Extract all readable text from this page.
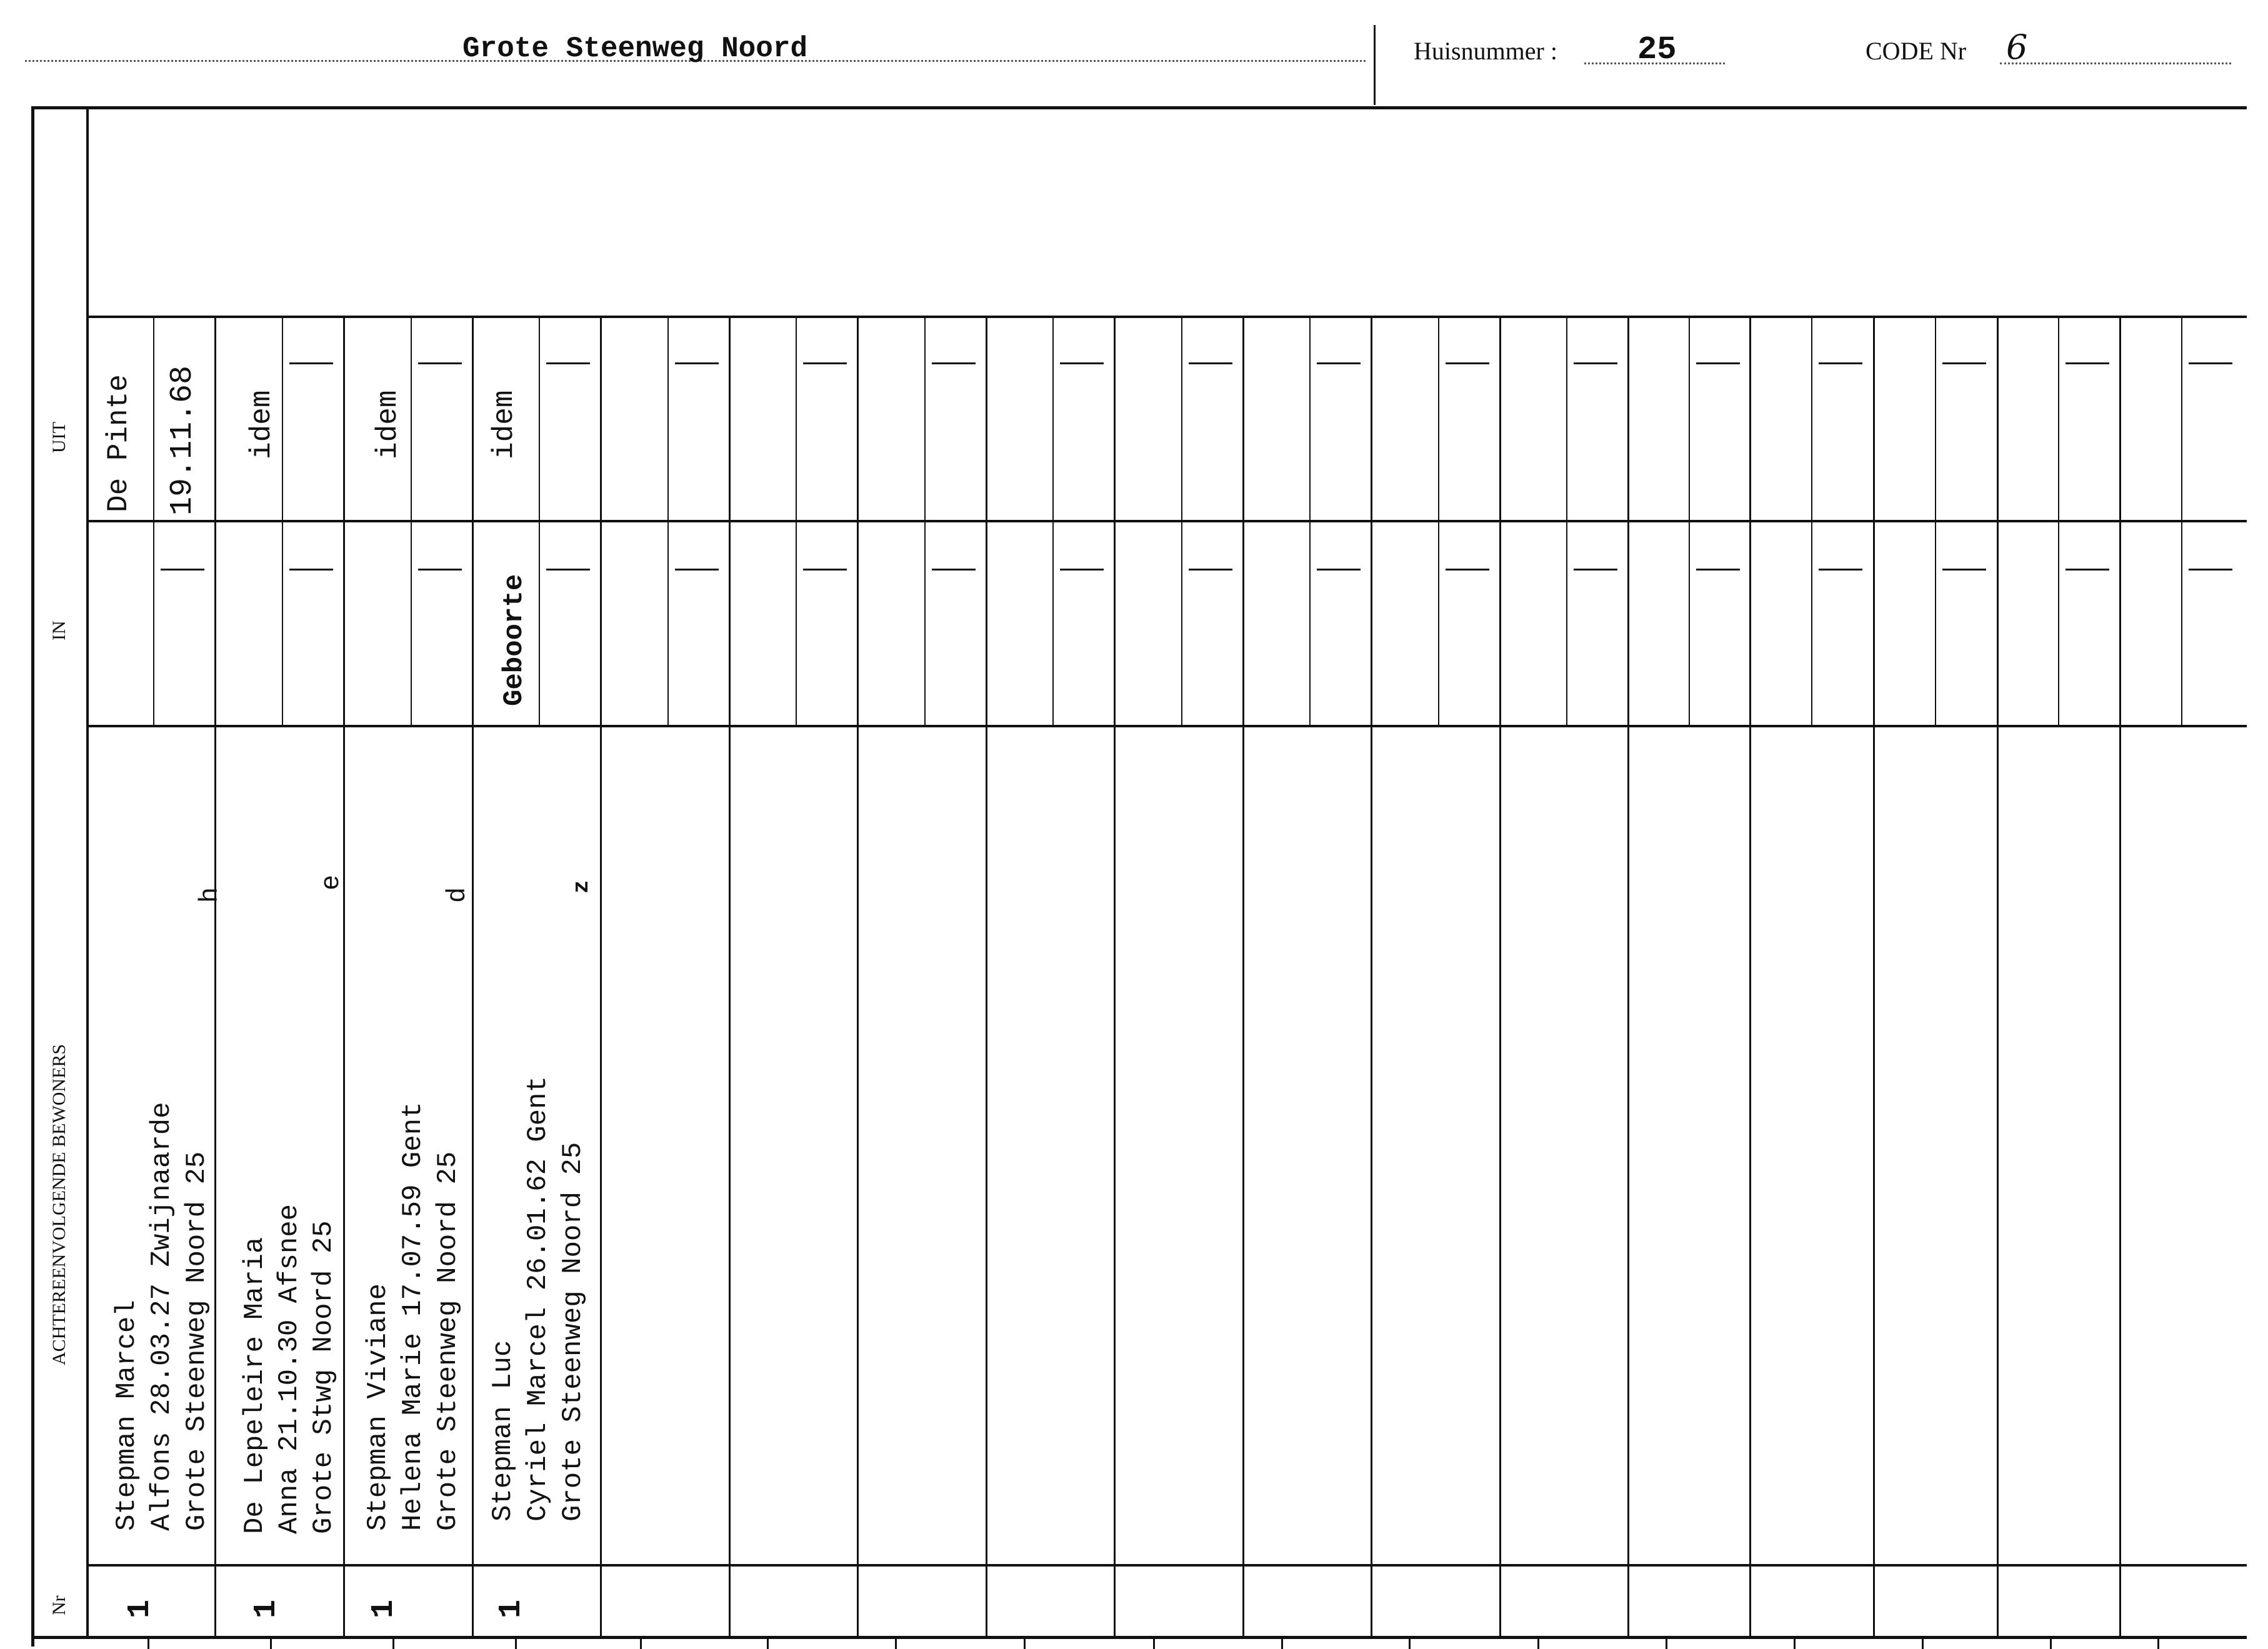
Grote Steenweg Noord	Huisnummer : 25	CODE Nr 6
UIT
IN
ACHTEREENVOLGENDE BEWONERS
Nr
De Pinte 19.11.68
Stepman Marcel Alfons 28.03.27 Zwijnaarde Grote Steenweg Noord 25
h
1
idem
De Lepeleire Maria Anna 21.10.30 Afsnee Grote Stwg Noord 25
e
1
idem
Stepman Viviane Helena Marie 17.07.59 Gent Grote Steenweg Noord 25
d
1
idem
Geboorte
Stepman Luc Cyriel Marcel 26.01.62 Gent Grote Steenweg Noord 25
z
1
